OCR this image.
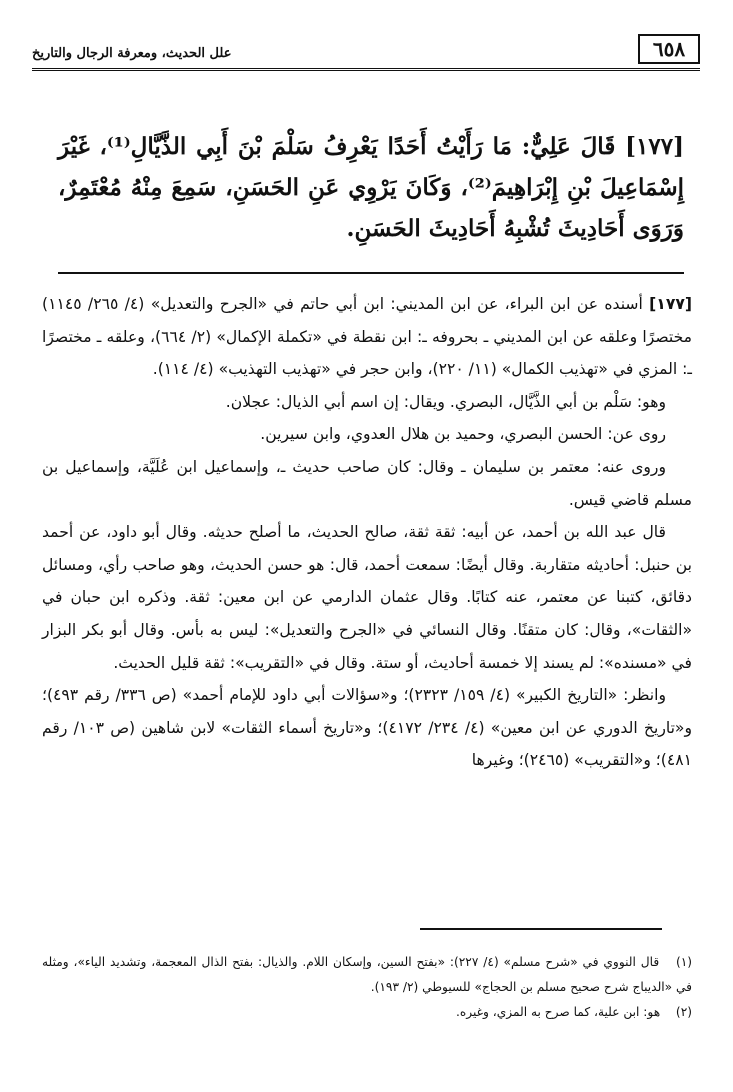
٦٥٨
علل الحديث، ومعرفة الرجال والتاريخ

[١٧٧] قَالَ عَلِيٌّ: مَا رَأَيْتُ أَحَدًا يَعْرِفُ سَلْمَ بْنَ أَبِي الذَّيَّالِ⁽¹⁾، غَيْرَ إِسْمَاعِيلَ بْنِ إِبْرَاهِيمَ⁽²⁾، وَكَانَ يَرْوِي عَنِ الحَسَنِ، سَمِعَ مِنْهُ مُعْتَمِرٌ، وَرَوَى أَحَادِيثَ تُشْبِهُ أَحَادِيثَ الحَسَنِ.

[١٧٧] أسنده عن ابن البراء، عن ابن المديني: ابن أبي حاتم في «الجرح والتعديل» (٤/ ٢٦٥/ ١١٤٥) مختصرًا وعلقه عن ابن المديني ـ بحروفه ـ: ابن نقطة في «تكملة الإكمال» (٢/ ٦٦٤)، وعلقه ـ مختصرًا ـ: المزي في «تهذيب الكمال» (١١/ ٢٢٠)، وابن حجر في «تهذيب التهذيب» (٤/ ١١٤).

وهو: سَلْم بن أبي الذَّيَّال، البصري. ويقال: إن اسم أبي الذيال: عجلان.

روى عن: الحسن البصري، وحميد بن هلال العدوي، وابن سيرين.

وروى عنه: معتمر بن سليمان ـ وقال: كان صاحب حديث ـ، وإسماعيل ابن عُلَيَّة، وإسماعيل بن مسلم قاضي قيس.

قال عبد الله بن أحمد، عن أبيه: ثقة ثقة، صالح الحديث، ما أصلح حديثه. وقال أبو داود، عن أحمد بن حنبل: أحاديثه متقاربة. وقال أيضًا: سمعت أحمد، قال: هو حسن الحديث، وهو صاحب رأي، ومسائل دقائق، كتبنا عن معتمر، عنه كتابًا. وقال عثمان الدارمي عن ابن معين: ثقة. وذكره ابن حبان في «الثقات»، وقال: كان متقنًا. وقال النسائي في «الجرح والتعديل»: ليس به بأس. وقال أبو بكر البزار في «مسنده»: لم يسند إلا خمسة أحاديث، أو ستة. وقال في «التقريب»: ثقة قليل الحديث.

وانظر: «التاريخ الكبير» (٤/ ١٥٩/ ٢٣٢٣)؛ و«سؤالات أبي داود للإمام أحمد» (ص ٣٣٦/ رقم ٤٩٣)؛ و«تاريخ الدوري عن ابن معين» (٤/ ٢٣٤/ ٤١٧٢)؛ و«تاريخ أسماء الثقات» لابن شاهين (ص ١٠٣/ رقم ٤٨١)؛ و«التقريب» (٢٤٦٥)؛ وغيرها

(١) قال النووي في «شرح مسلم» (٤/ ٢٢٧): «بفتح السين، وإسكان اللام. والذيال: بفتح الذال المعجمة، وتشديد الياء»، ومثله في «الديباج شرح صحيح مسلم بن الحجاج» للسيوطي (٢/ ١٩٣).

(٢) هو: ابن علية، كما صرح به المزي، وغيره.
